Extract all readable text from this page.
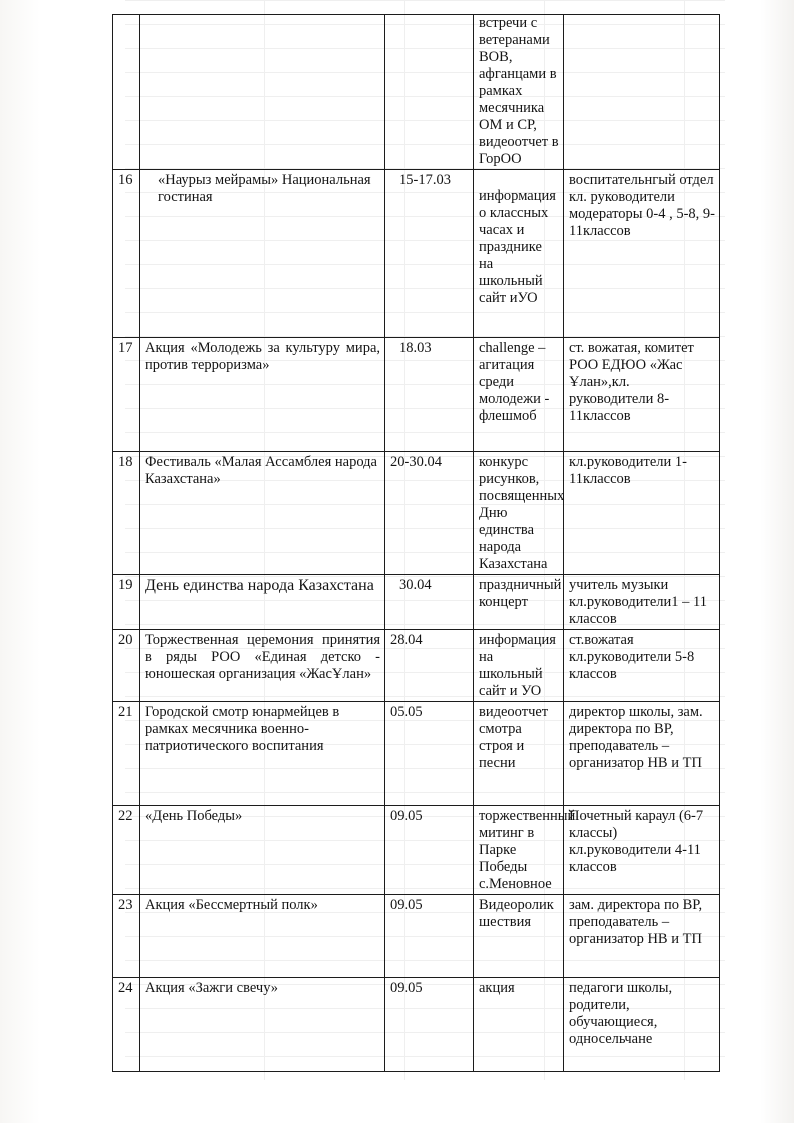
			встречи с ветеранами ВОВ, афганцами в рамках месячника ОМ и СР, видеоотчет в ГорОО	
16	«Наурыз мейрамы» Национальная гостиная	15-17.03	информация о классных часах и празднике на школьный сайт иУО	воспитательнгый отдел кл. руководители модераторы 0-4 , 5-8, 9-11классов
17	Акция «Молодежь за культуру мира, против терроризма»	18.03	challenge – агитация среди молодежи - флешмоб	ст. вожатая, комитет РОО ЕДЮО «Жас Ұлан»,кл. руководители 8-11классов
18	Фестиваль «Малая Ассамблея народа Казахстана»	20-30.04	конкурс рисунков, посвященных Дню единства народа Казахстана	кл.руководители 1-11классов
19	День единства народа Казахстана	30.04	праздничный концерт	учитель музыки кл.руководители1 – 11 классов
20	Торжественная церемония принятия в ряды РОО «Единая детско - юношеская организация «ЖасҰлан»	28.04	информация на школьный сайт и УО	ст.вожатая кл.руководители 5-8 классов
21	Городской смотр юнармейцев в рамках месячника военно-патриотического воспитания	05.05	видеоотчет смотра строя и песни	директор школы, зам. директора по ВР, преподаватель – организатор НВ и ТП
22	«День Победы»	09.05	торжественный митинг в Парке Победы с.Меновное	Почетный караул (6-7 классы) кл.руководители 4-11 классов
23	Акция «Бессмертный полк»	09.05	Видеоролик шествия	зам. директора по ВР, преподаватель – организатор НВ и ТП
24	Акция «Зажги свечу»	09.05	акция	педагоги школы, родители, обучающиеся, односельчане
